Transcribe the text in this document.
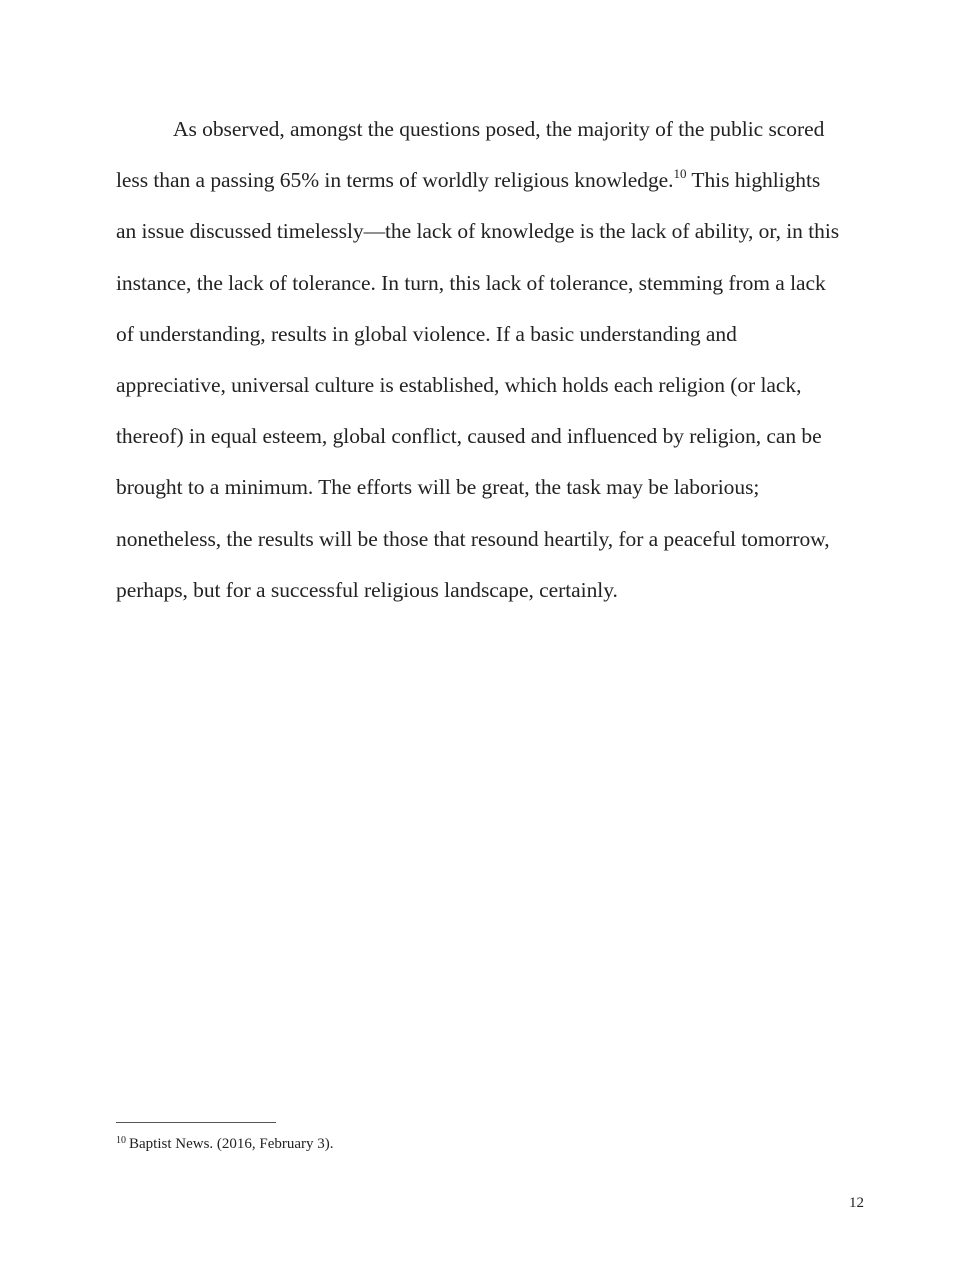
As observed, amongst the questions posed, the majority of the public scored
less than a passing 65% in terms of worldly religious knowledge.$^{10}$ This highlights
an issue discussed timelessly—the lack of knowledge is the lack of ability, or, in this
instance, the lack of tolerance. In turn, this lack of tolerance, stemming from a lack
of understanding, results in global violence. If a basic understanding and
appreciative, universal culture is established, which holds each religion (or lack,
thereof) in equal esteem, global conflict, caused and influenced by religion, can be
brought to a minimum. The efforts will be great, the task may be laborious;
nonetheless, the results will be those that resound heartily, for a peaceful tomorrow,
perhaps, but for a successful religious landscape, certainly.
$^{10}$ Baptist News. (2016, February 3).
12
